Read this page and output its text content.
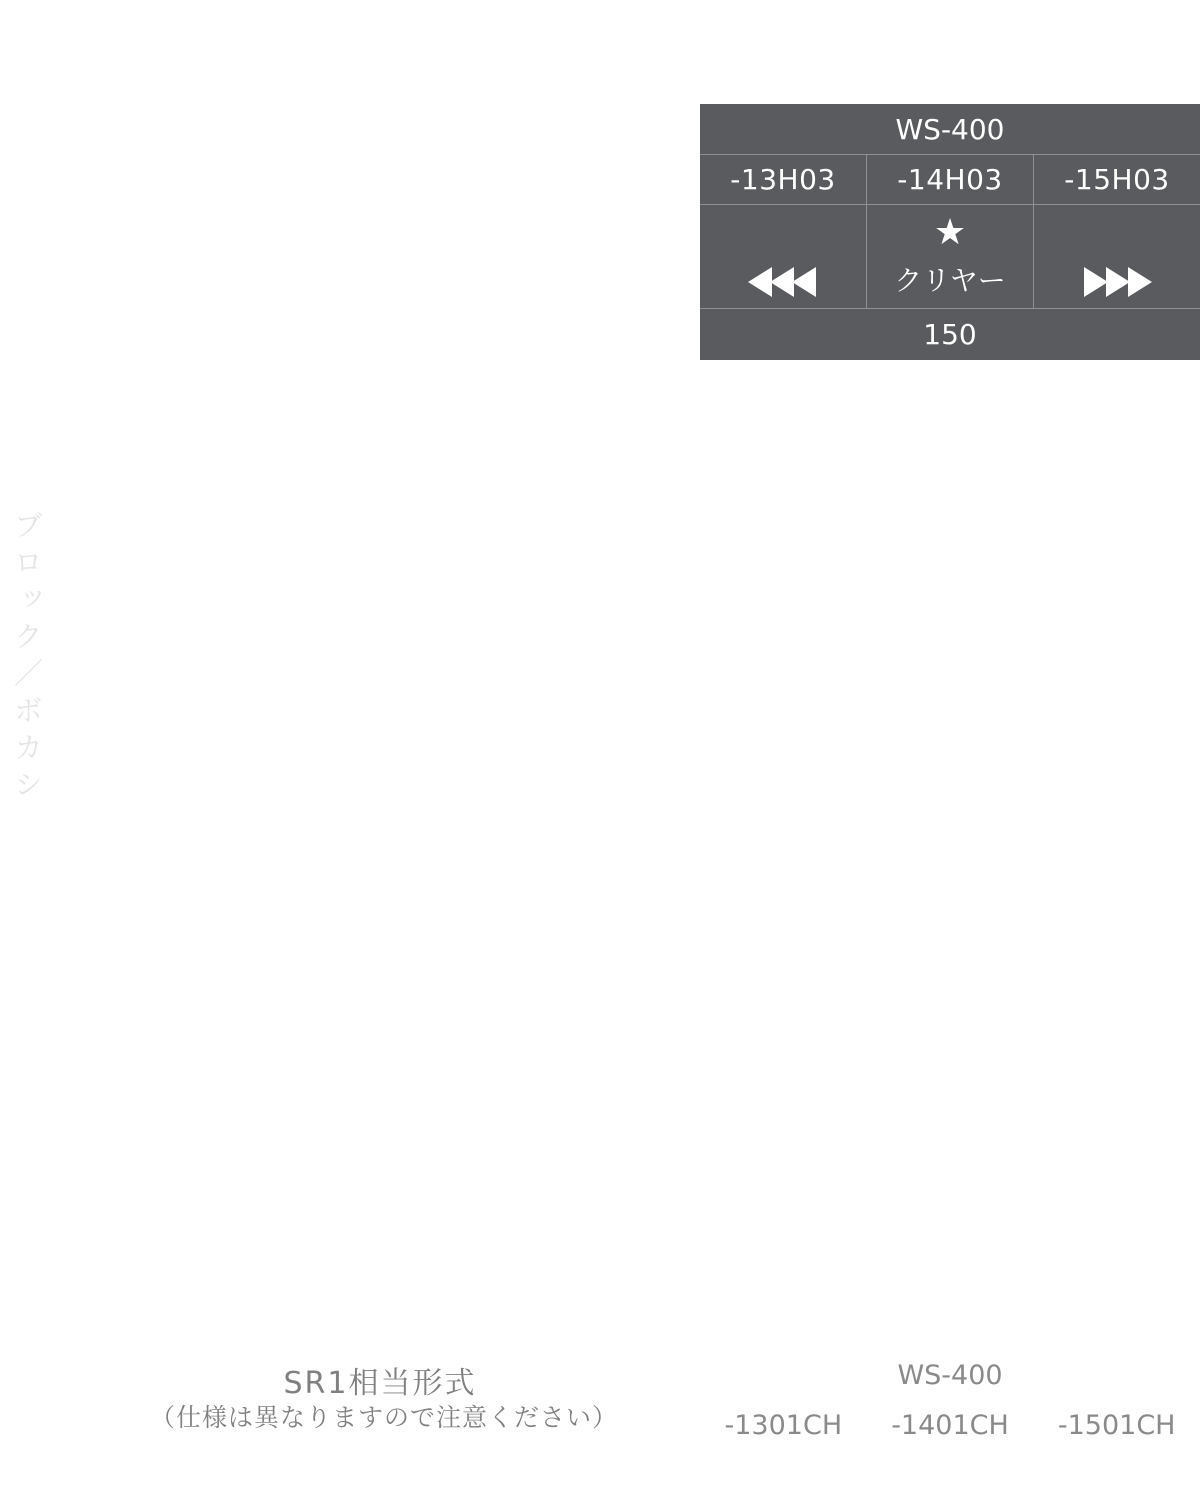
WS-400
-13H03	-14H03	-15H03
★
クリヤー
150
ブロック／ボカシ
SR1相当形式
（仕様は異なりますので注意ください）
WS-400
-1301CH	-1401CH	-1501CH
